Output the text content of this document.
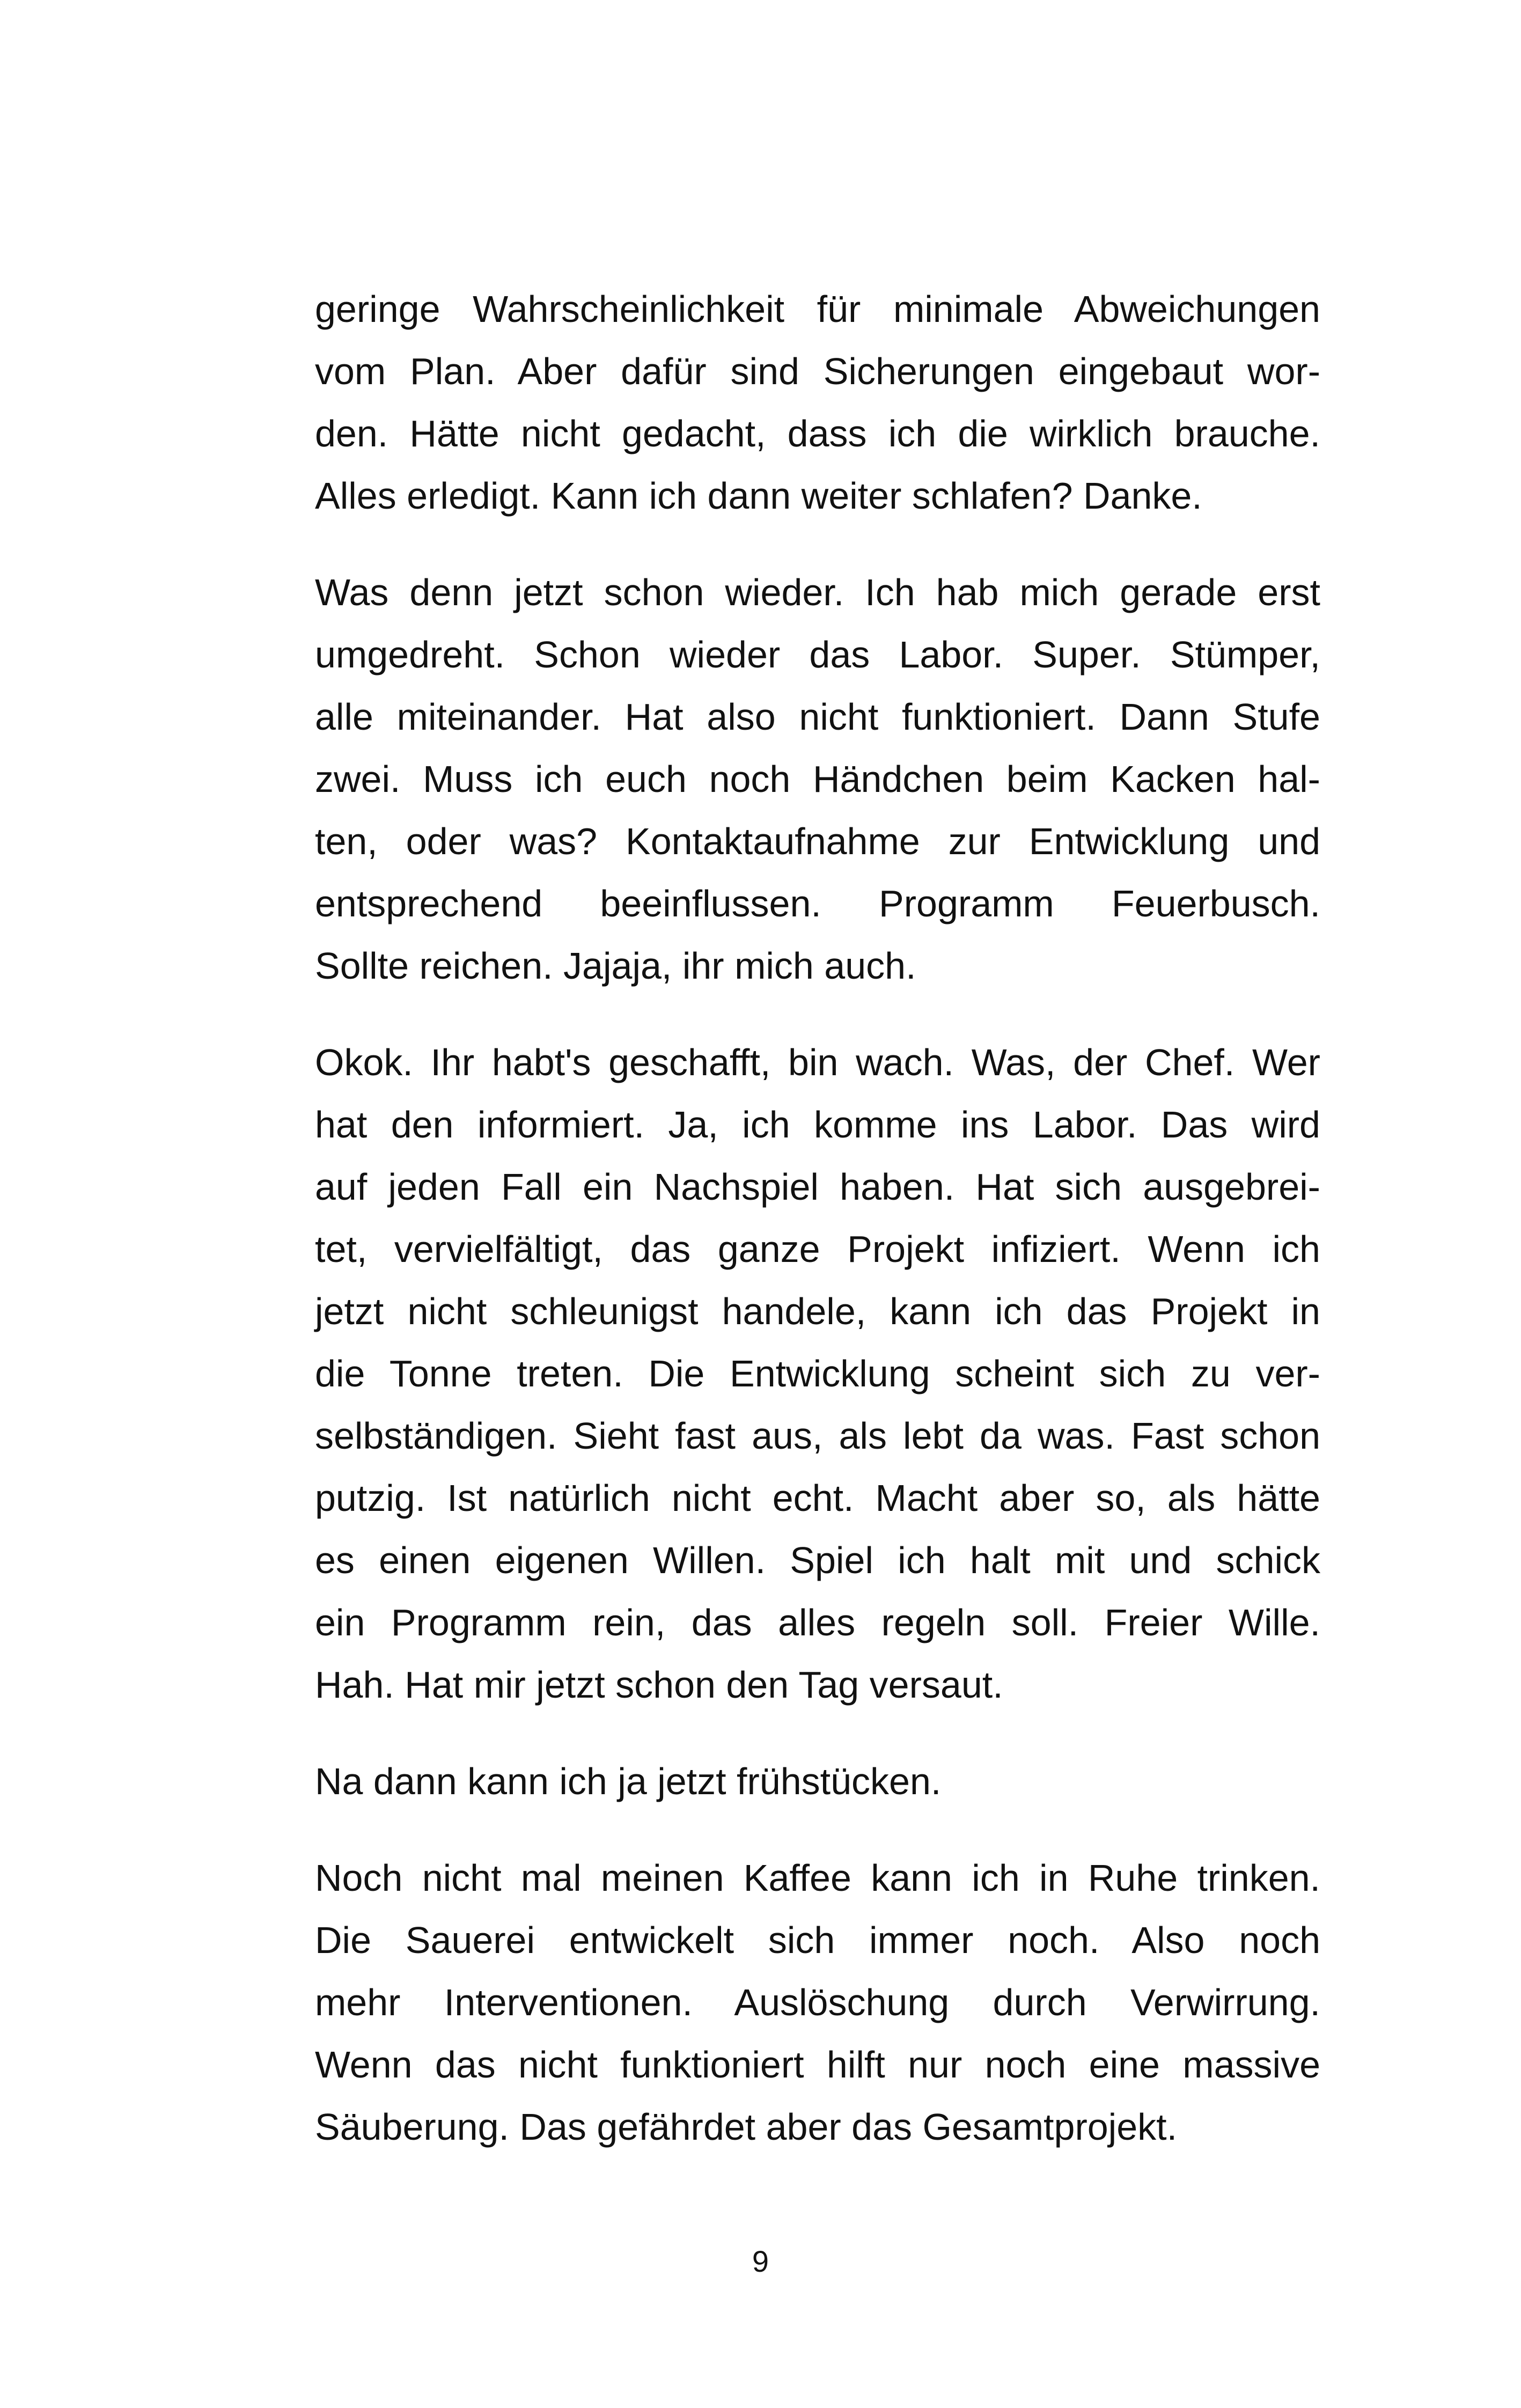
geringe Wahrscheinlichkeit für minimale Abweichungen
vom Plan. Aber dafür sind Sicherungen eingebaut wor-
den. Hätte nicht gedacht, dass ich die wirklich brauche.
Alles erledigt. Kann ich dann weiter schlafen? Danke.

Was denn jetzt schon wieder. Ich hab mich gerade erst
umgedreht. Schon wieder das Labor. Super. Stümper,
alle miteinander. Hat also nicht funktioniert. Dann Stufe
zwei. Muss ich euch noch Händchen beim Kacken hal-
ten, oder was? Kontaktaufnahme zur Entwicklung und
entsprechend beeinflussen. Programm Feuerbusch.
Sollte reichen. Jajaja, ihr mich auch.

Okok. Ihr habt's geschafft, bin wach. Was, der Chef. Wer
hat den informiert. Ja, ich komme ins Labor. Das wird
auf jeden Fall ein Nachspiel haben. Hat sich ausgebrei-
tet, vervielfältigt, das ganze Projekt infiziert. Wenn ich
jetzt nicht schleunigst handele, kann ich das Projekt in
die Tonne treten. Die Entwicklung scheint sich zu ver-
selbständigen. Sieht fast aus, als lebt da was. Fast schon
putzig. Ist natürlich nicht echt. Macht aber so, als hätte
es einen eigenen Willen. Spiel ich halt mit und schick
ein Programm rein, das alles regeln soll. Freier Wille.
Hah. Hat mir jetzt schon den Tag versaut.

Na dann kann ich ja jetzt frühstücken.

Noch nicht mal meinen Kaffee kann ich in Ruhe trinken.
Die Sauerei entwickelt sich immer noch. Also noch
mehr Interventionen. Auslöschung durch Verwirrung.
Wenn das nicht funktioniert hilft nur noch eine massive
Säuberung. Das gefährdet aber das Gesamtprojekt.

9
